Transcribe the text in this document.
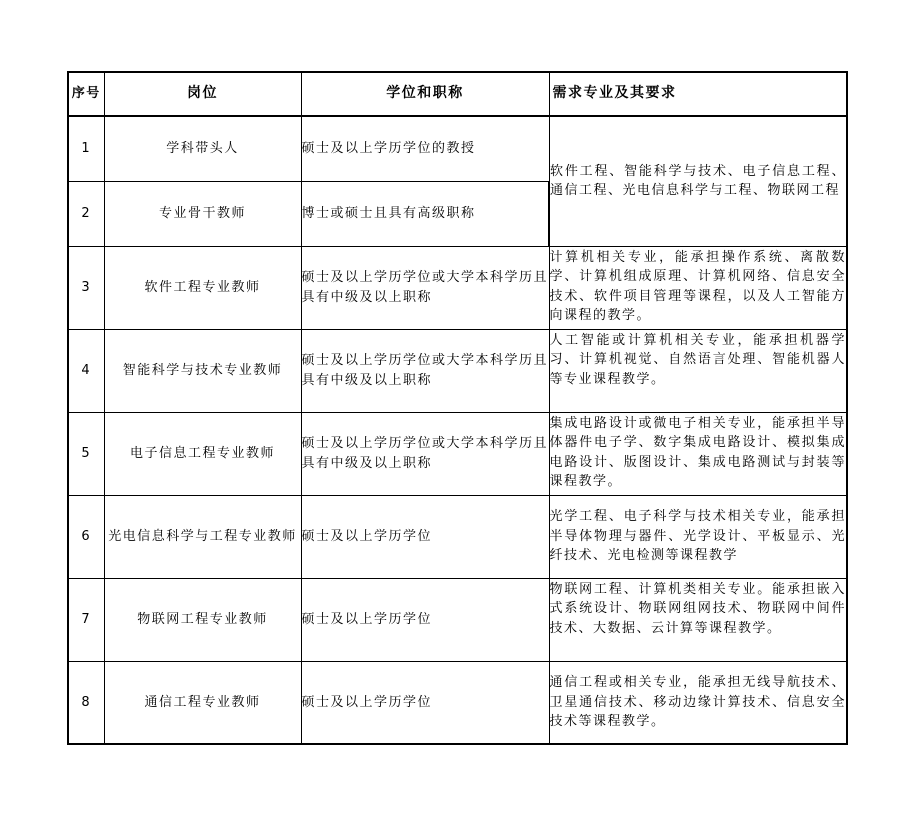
序号	岗位	学位和职称	需求专业及其要求
1	学科带头人	硕士及以上学历学位的教授	软件工程、智能科学与技术、电子信息工程、通信工程、光电信息科学与工程、物联网工程
2	专业骨干教师	博士或硕士且具有高级职称	
3	软件工程专业教师	硕士及以上学历学位或大学本科学历且具有中级及以上职称	计算机相关专业，能承担操作系统、离散数学、计算机组成原理、计算机网络、信息安全技术、软件项目管理等课程，以及人工智能方向课程的教学。
4	智能科学与技术专业教师	硕士及以上学历学位或大学本科学历且具有中级及以上职称	人工智能或计算机相关专业，能承担机器学习、计算机视觉、自然语言处理、智能机器人等专业课程教学。
5	电子信息工程专业教师	硕士及以上学历学位或大学本科学历且具有中级及以上职称	集成电路设计或微电子相关专业，能承担半导体器件电子学、数字集成电路设计、模拟集成电路设计、版图设计、集成电路测试与封装等课程教学。
6	光电信息科学与工程专业教师	硕士及以上学历学位	光学工程、电子科学与技术相关专业，能承担半导体物理与器件、光学设计、平板显示、光纤技术、光电检测等课程教学
7	物联网工程专业教师	硕士及以上学历学位	物联网工程、计算机类相关专业。能承担嵌入式系统设计、物联网组网技术、物联网中间件技术、大数据、云计算等课程教学。
8	通信工程专业教师	硕士及以上学历学位	通信工程或相关专业，能承担无线导航技术、卫星通信技术、移动边缘计算技术、信息安全技术等课程教学。
